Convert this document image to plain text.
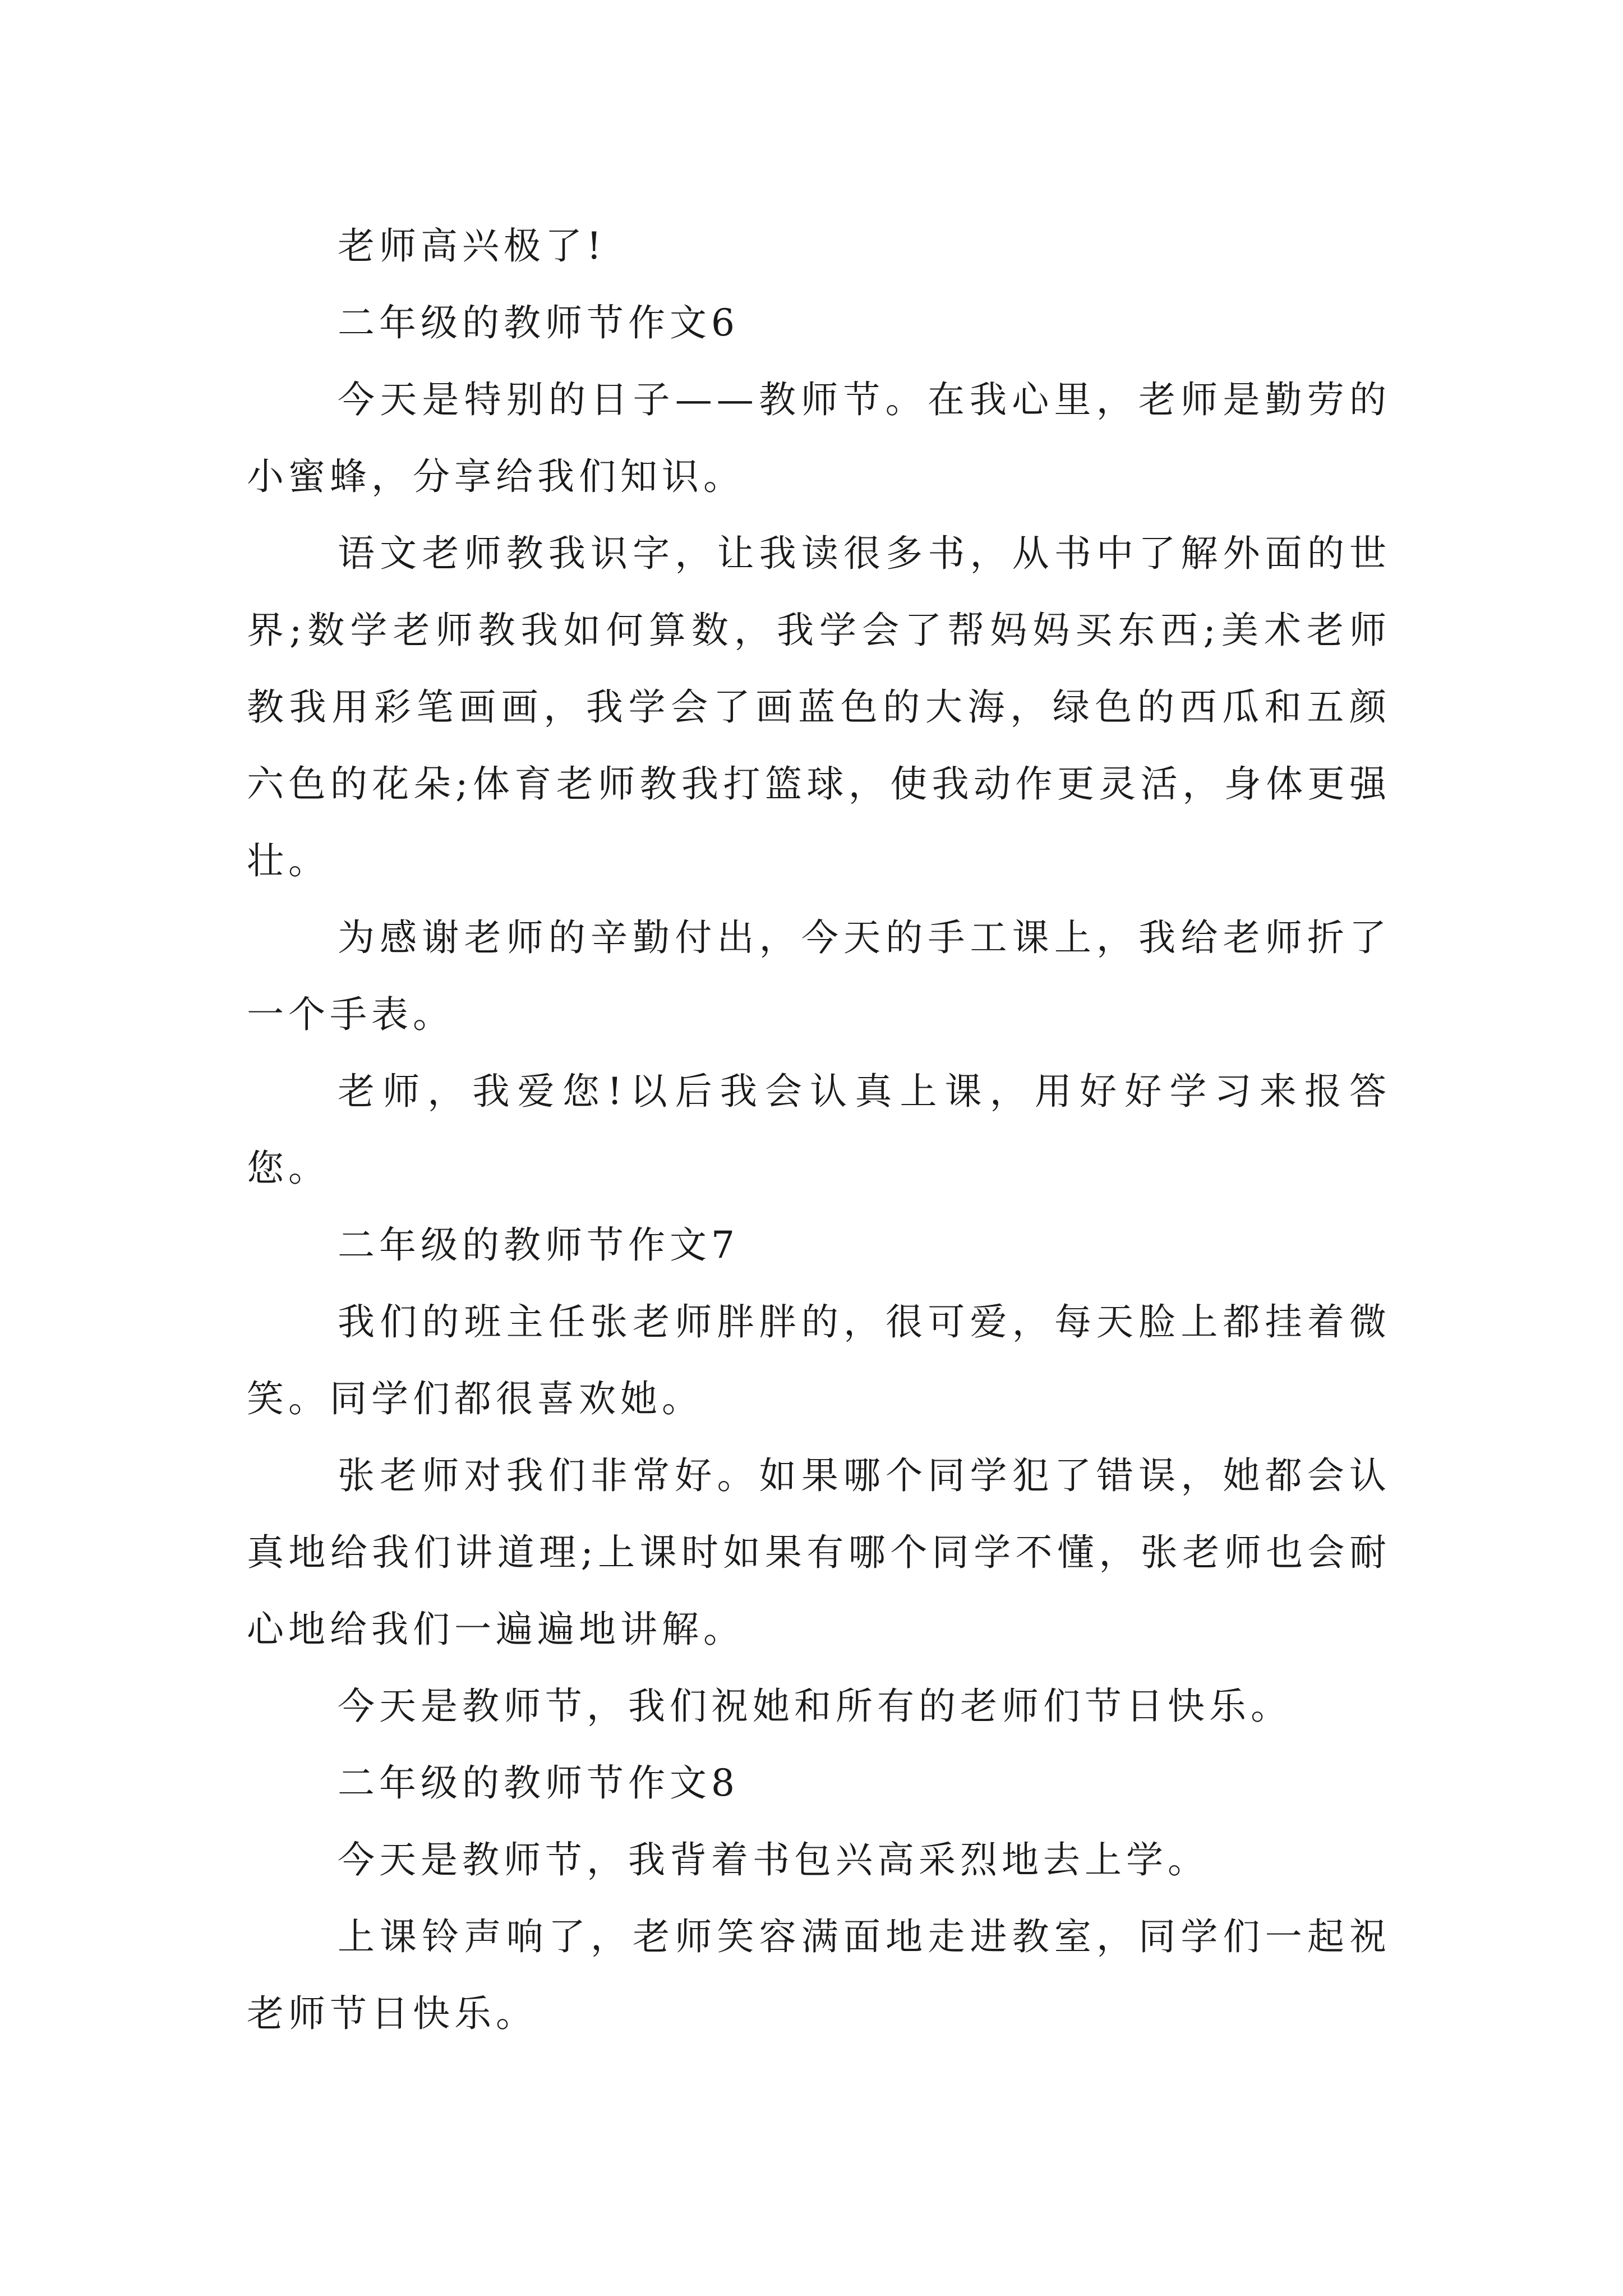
老师高兴极了!

二年级的教师节作文6

今天是特别的日子——教师节。在我心里，老师是勤劳的小蜜蜂，分享给我们知识。

语文老师教我识字，让我读很多书，从书中了解外面的世界;数学老师教我如何算数，我学会了帮妈妈买东西;美术老师教我用彩笔画画，我学会了画蓝色的大海，绿色的西瓜和五颜六色的花朵;体育老师教我打篮球，使我动作更灵活，身体更强壮。

为感谢老师的辛勤付出，今天的手工课上，我给老师折了一个手表。

老师，我爱您!以后我会认真上课，用好好学习来报答您。

二年级的教师节作文7

我们的班主任张老师胖胖的，很可爱，每天脸上都挂着微笑。同学们都很喜欢她。

张老师对我们非常好。如果哪个同学犯了错误，她都会认真地给我们讲道理;上课时如果有哪个同学不懂，张老师也会耐心地给我们一遍遍地讲解。

今天是教师节，我们祝她和所有的老师们节日快乐。

二年级的教师节作文8

今天是教师节，我背着书包兴高采烈地去上学。

上课铃声响了，老师笑容满面地走进教室，同学们一起祝老师节日快乐。
